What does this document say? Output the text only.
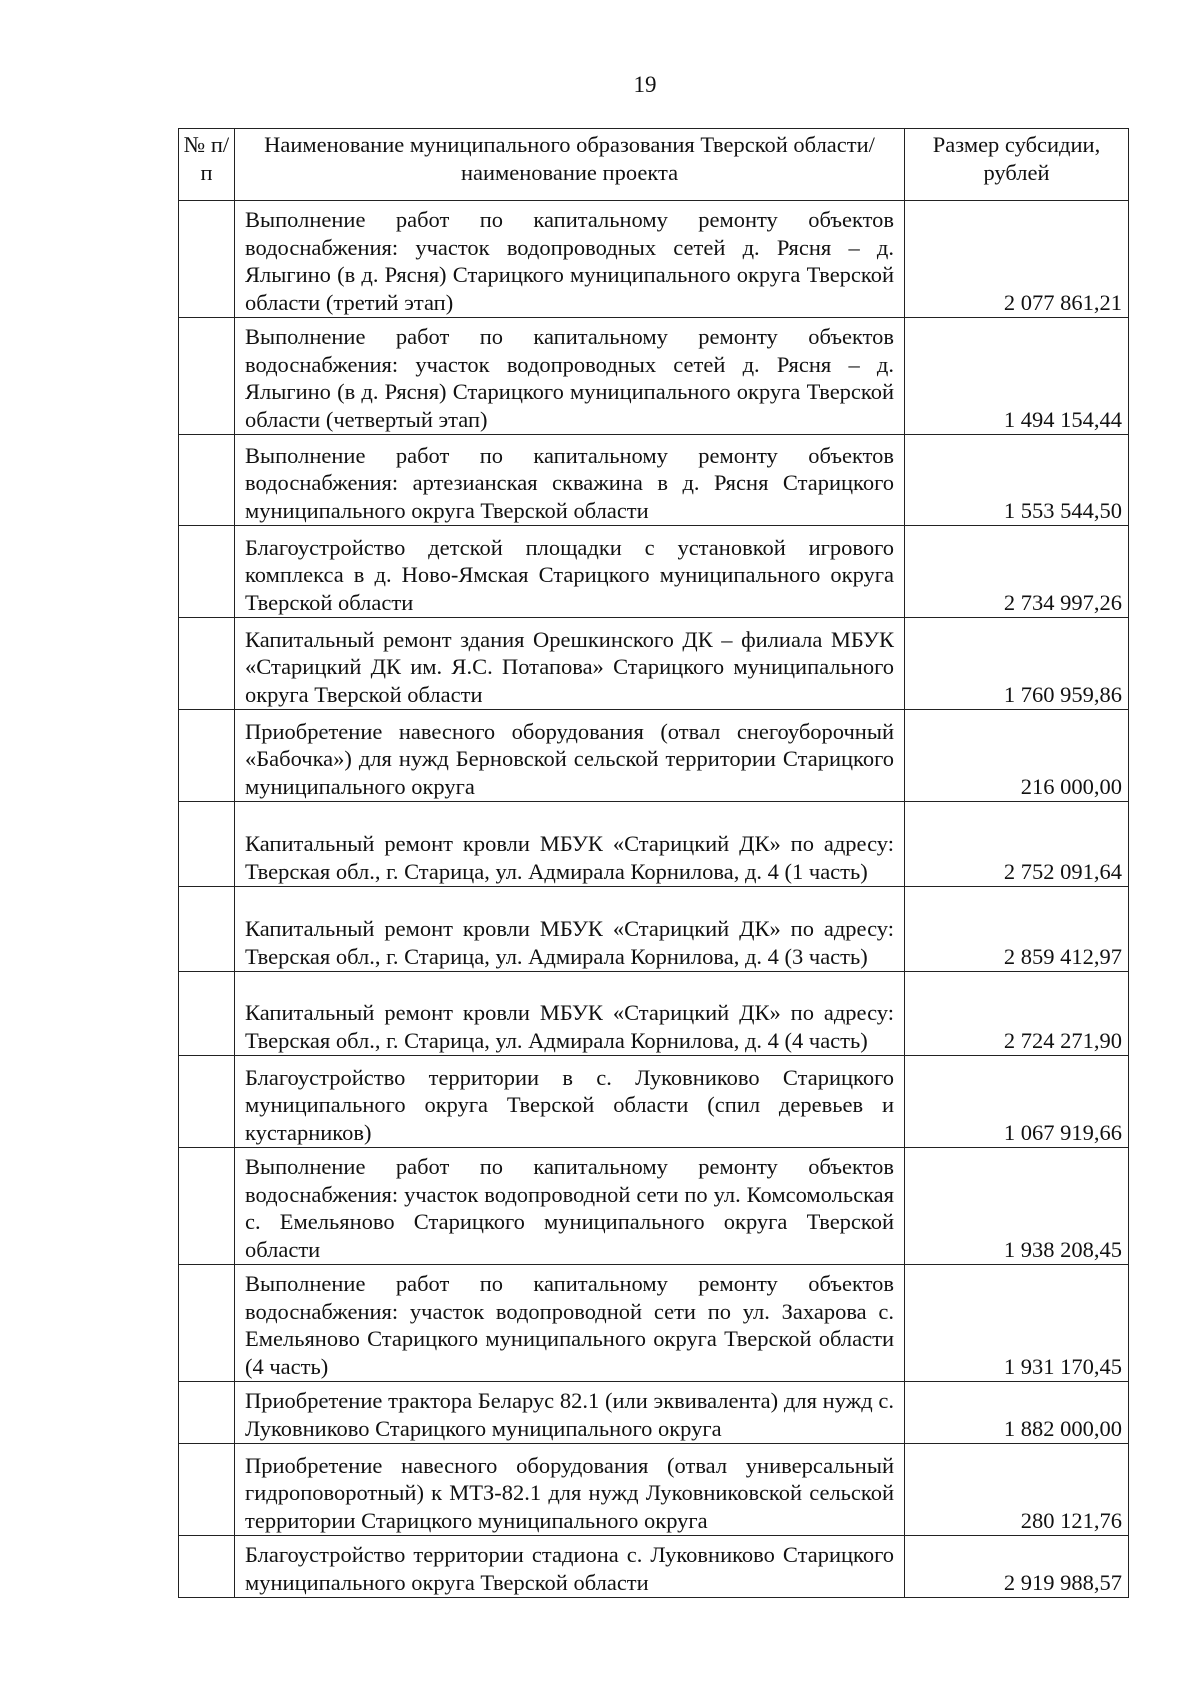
19
№ п/п	Наименование муниципального образования Тверской области/наименование проекта	Размер субсидии, рублей
	Выполнение работ по капитальному ремонту объектов водоснабжения: участок водопроводных сетей д. Рясня – д. Ялыгино (в д. Рясня) Старицкого муниципального округа Тверской области (третий этап)	2 077 861,21
	Выполнение работ по капитальному ремонту объектов водоснабжения: участок водопроводных сетей д. Рясня – д. Ялыгино (в д. Рясня) Старицкого муниципального округа Тверской области (четвертый этап)	1 494 154,44
	Выполнение работ по капитальному ремонту объектов водоснабжения: артезианская скважина в д. Рясня Старицкого муниципального округа Тверской области	1 553 544,50
	Благоустройство детской площадки с установкой игрового комплекса в д. Ново-Ямская Старицкого муниципального округа Тверской области	2 734 997,26
	Капитальный ремонт здания Орешкинского ДК – филиала МБУК «Старицкий ДК им. Я.С. Потапова» Старицкого муниципального округа Тверской области	1 760 959,86
	Приобретение навесного оборудования (отвал снегоуборочный «Бабочка») для нужд Берновской сельской территории Старицкого муниципального округа	216 000,00
	Капитальный ремонт кровли МБУК «Старицкий ДК» по адресу: Тверская обл., г. Старица, ул. Адмирала Корнилова, д. 4 (1 часть)	2 752 091,64
	Капитальный ремонт кровли МБУК «Старицкий ДК» по адресу: Тверская обл., г. Старица, ул. Адмирала Корнилова, д. 4 (3 часть)	2 859 412,97
	Капитальный ремонт кровли МБУК «Старицкий ДК» по адресу: Тверская обл., г. Старица, ул. Адмирала Корнилова, д. 4 (4 часть)	2 724 271,90
	Благоустройство территории в с. Луковниково Старицкого муниципального округа Тверской области (спил деревьев и кустарников)	1 067 919,66
	Выполнение работ по капитальному ремонту объектов водоснабжения: участок водопроводной сети по ул. Комсомольская с. Емельяново Старицкого муниципального округа Тверской области	1 938 208,45
	Выполнение работ по капитальному ремонту объектов водоснабжения: участок водопроводной сети по ул. Захарова с. Емельяново Старицкого муниципального округа Тверской области (4 часть)	1 931 170,45
	Приобретение трактора Беларус 82.1 (или эквивалента) для нужд с. Луковниково Старицкого муниципального округа	1 882 000,00
	Приобретение навесного оборудования (отвал универсальный гидроповоротный) к МТЗ-82.1 для нужд Луковниковской сельской территории Старицкого муниципального округа	280 121,76
	Благоустройство территории стадиона с. Луковниково Старицкого муниципального округа Тверской области	2 919 988,57
